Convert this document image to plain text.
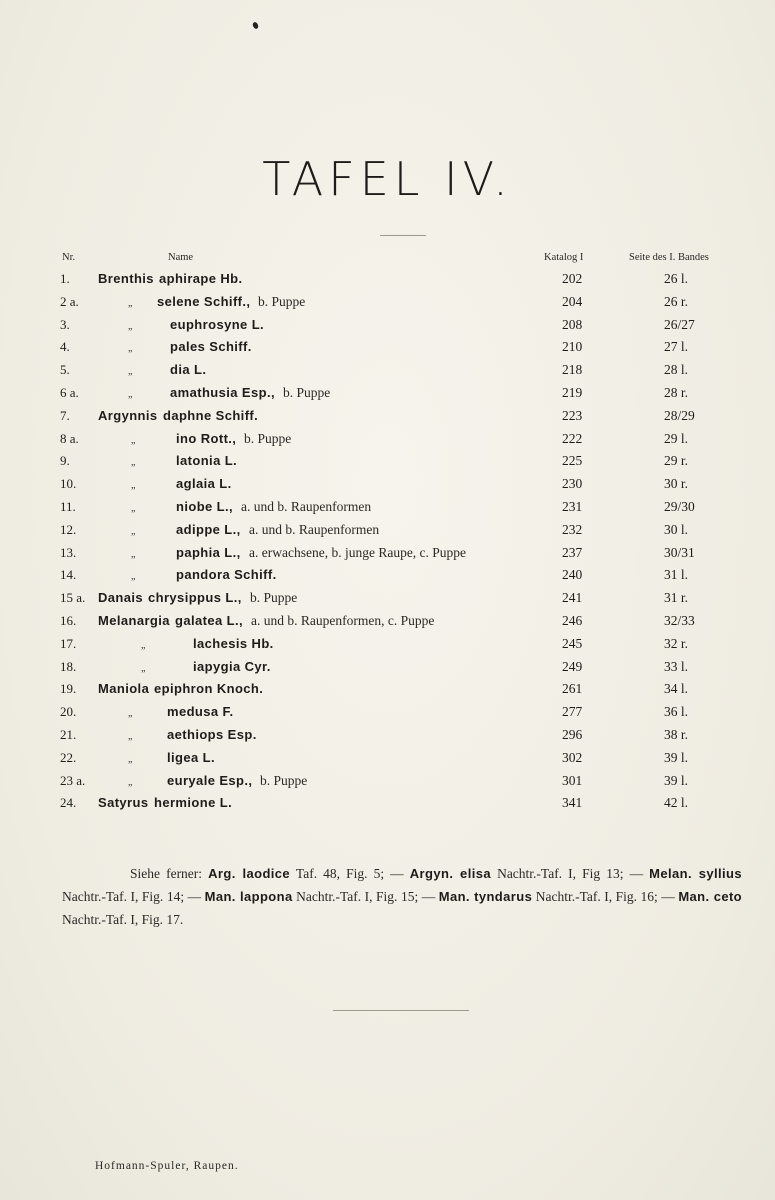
TAFEL IV.
Nr.	Name	Katalog I	Seite des I. Bandes
1. Brenthis aphirape Hb.	202	26 l.
2 a.	„ selene Schiff., b. Puppe	204	26 r.
3.	„	euphrosyne L.	208	26/27
4.	„	pales Schiff.	210	27 l.
5.	„	dia L.	218	28 l.
6 a.	„	amathusia Esp., b. Puppe	219	28 r.
7. Argynnis daphne Schiff.	223	28/29
8 a.	„	ino Rott., b. Puppe	222	29 l.
9.	„	latonia L.	225	29 r.
10.	„	aglaia L.	230	30 r.
11.	„	niobe L., a. und b. Raupenformen	231	29/30
12.	„	adippe L., a. und b. Raupenformen	232	30 l.
13.	„	paphia L., a. erwachsene, b. junge Raupe, c. Puppe	237	30/31
14.	„	pandora Schiff.	240	31 l.
15 a. Danais chrysippus L., b. Puppe	241	31 r.
16. Melanargia galatea L., a. und b. Raupenformen, c. Puppe	246	32/33
17.	„	lachesis Hb.	245	32 r.
18.	„	iapygia Cyr.	249	33 l.
19. Maniola epiphron Knoch.	261	34 l.
20.	„	medusa F.	277	36 l.
21.	„	aethiops Esp.	296	38 r.
22.	„	ligea L.	302	39 l.
23 a.	„	euryale Esp., b. Puppe	301	39 l.
24. Satyrus hermione L.	341	42 l.
Siehe ferner: Arg. laodice Taf. 48, Fig. 5; — Argyn. elisa Nachtr.-Taf. I, Fig 13; — Melan. syllius Nachtr.-Taf. I, Fig. 14; — Man. lappona Nachtr.-Taf. I, Fig. 15; — Man. tyndarus Nachtr.-Taf. I, Fig. 16; — Man. ceto Nachtr.-Taf. I, Fig. 17.
Hofmann-Spuler, Raupen.
